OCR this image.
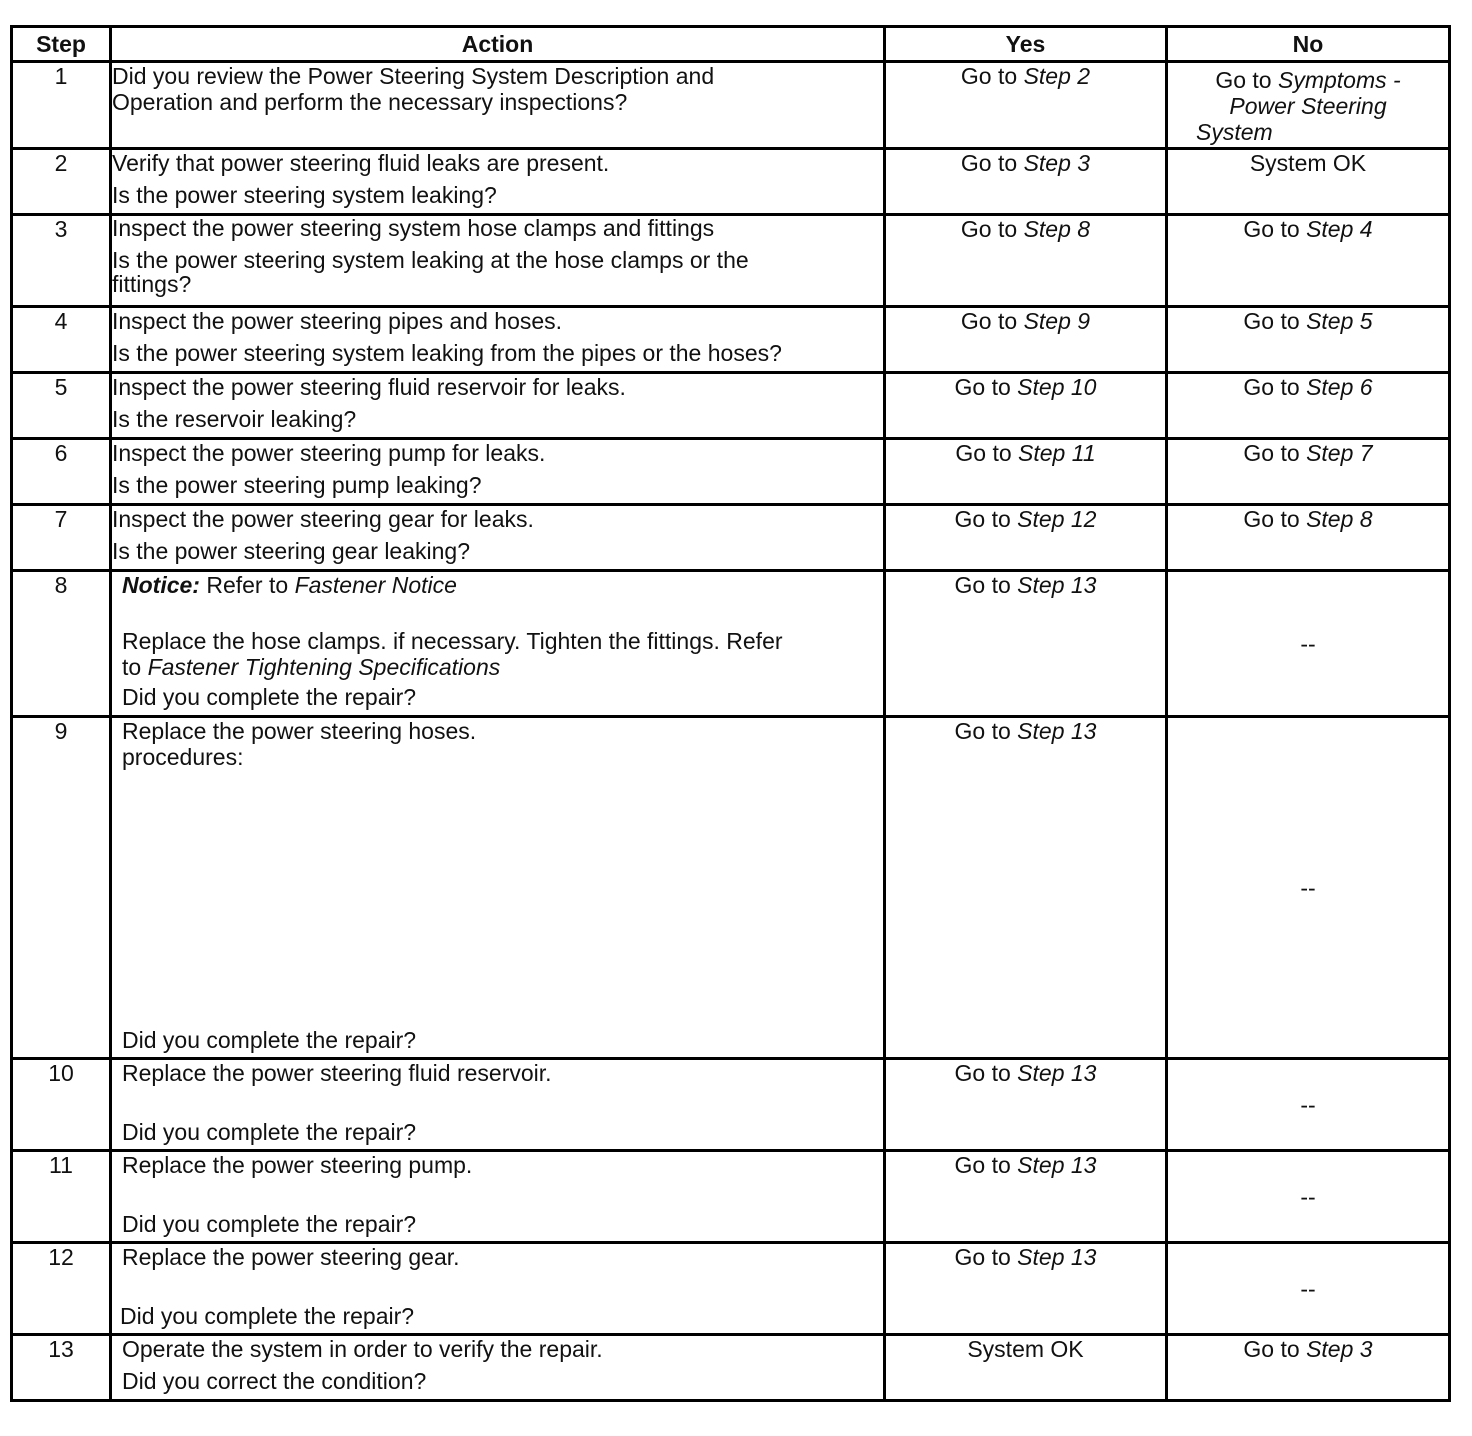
Step	Action	Yes	No
1	Did you review the Power Steering System Description and
Operation and perform the necessary inspections?	Go to Step 2	Go to Symptoms -
Power Steering

System

2	Verify that power steering fluid leaks are present.
Is the power steering system leaking?	Go to Step 3	System OK
3	Inspect the power steering system hose clamps and fittings
Is the power steering system leaking at the hose clamps or the
fittings?	Go to Step 8	Go to Step 4
4	Inspect the power steering pipes and hoses.
Is the power steering system leaking from the pipes or the hoses?	Go to Step 9	Go to Step 5
5	Inspect the power steering fluid reservoir for leaks.
Is the reservoir leaking?	Go to Step 10	Go to Step 6
6	Inspect the power steering pump for leaks.
Is the power steering pump leaking?	Go to Step 11	Go to Step 7
7	Inspect the power steering gear for leaks.
Is the power steering gear leaking?	Go to Step 12	Go to Step 8
8	Notice: Refer to Fastener Notice
Replace the hose clamps. if necessary. Tighten the fittings. Refer
to Fastener Tightening Specifications
Did you complete the repair?	Go to Step 13	--
9	Replace the power steering hoses.
procedures:
Did you complete the repair?	Go to Step 13	--
10	Replace the power steering fluid reservoir.
Did you complete the repair?	Go to Step 13	--
11	Replace the power steering pump.
Did you complete the repair?	Go to Step 13	--
12	Replace the power steering gear.
Did you complete the repair?	Go to Step 13	--
13	Operate the system in order to verify the repair.
Did you correct the condition?	System OK	Go to Step 3
